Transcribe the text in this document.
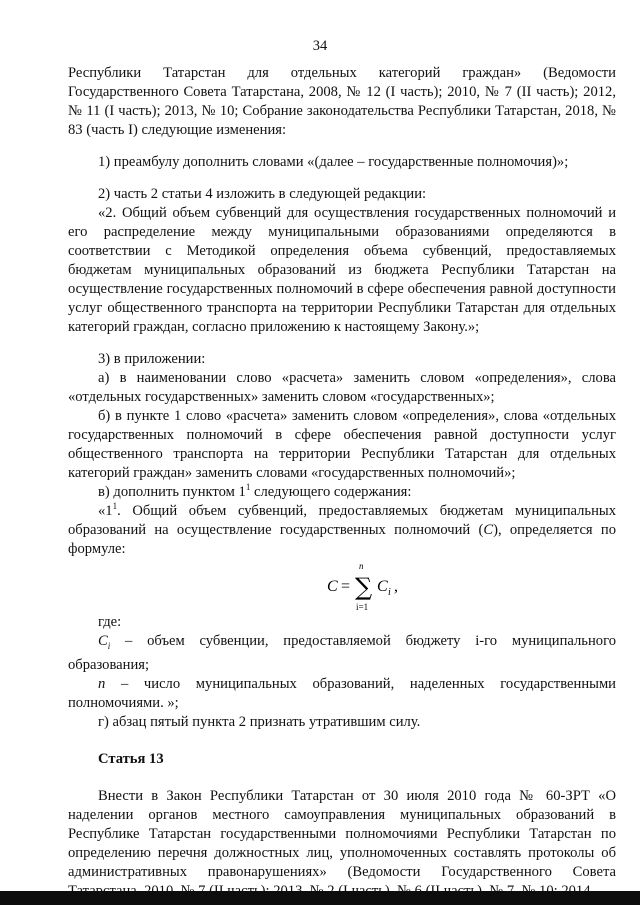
34

Республики Татарстан для отдельных категорий граждан» (Ведомости Государственного Совета Татарстана, 2008, № 12 (I часть); 2010, № 7 (II часть); 2012, № 11 (I часть); 2013, № 10; Собрание законодательства Республики Татарстан, 2018, № 83 (часть I) следующие изменения:

1) преамбулу дополнить словами «(далее – государственные полномочия)»;

2) часть 2 статьи 4 изложить в следующей редакции:

«2. Общий объем субвенций для осуществления государственных полномочий и его распределение между муниципальными образованиями определяются в соответствии с Методикой определения объема субвенций, предоставляемых бюджетам муниципальных образований из бюджета Республики Татарстан на осуществление государственных полномочий в сфере обеспечения равной доступности услуг общественного транспорта на территории Республики Татарстан для отдельных категорий граждан, согласно приложению к настоящему Закону.»;

3) в приложении:

а) в наименовании слово «расчета» заменить словом «определения», слова «отдельных государственных» заменить словом «государственных»;

б) в пункте 1 слово «расчета» заменить словом «определения», слова «отдельных государственных полномочий в сфере обеспечения равной доступности услуг общественного транспорта на территории Республики Татарстан для отдельных категорий граждан» заменить словами «государственных полномочий»;

в) дополнить пунктом $1^1$ следующего содержания:

«$1^1$. Общий объем субвенций, предоставляемых бюджетам муниципальных образований на осуществление государственных полномочий (С), определяется по формуле:

C =
n
∑
i=1
C i ,

где:

$C_i$ – объем субвенции, предоставляемой бюджету i-го муниципального образования;

n – число муниципальных образований, наделенных государственными полномочиями. »;

г) абзац пятый пункта 2 признать утратившим силу.

Статья 13

Внести в Закон Республики Татарстан от 30 июля 2010 года № 60-ЗРТ «О наделении органов местного самоуправления муниципальных образований в Республике Татарстан государственными полномочиями Республики Татарстан по определению перечня должностных лиц, уполномоченных составлять протоколы об административных правонарушениях» (Ведомости Государственного Совета
